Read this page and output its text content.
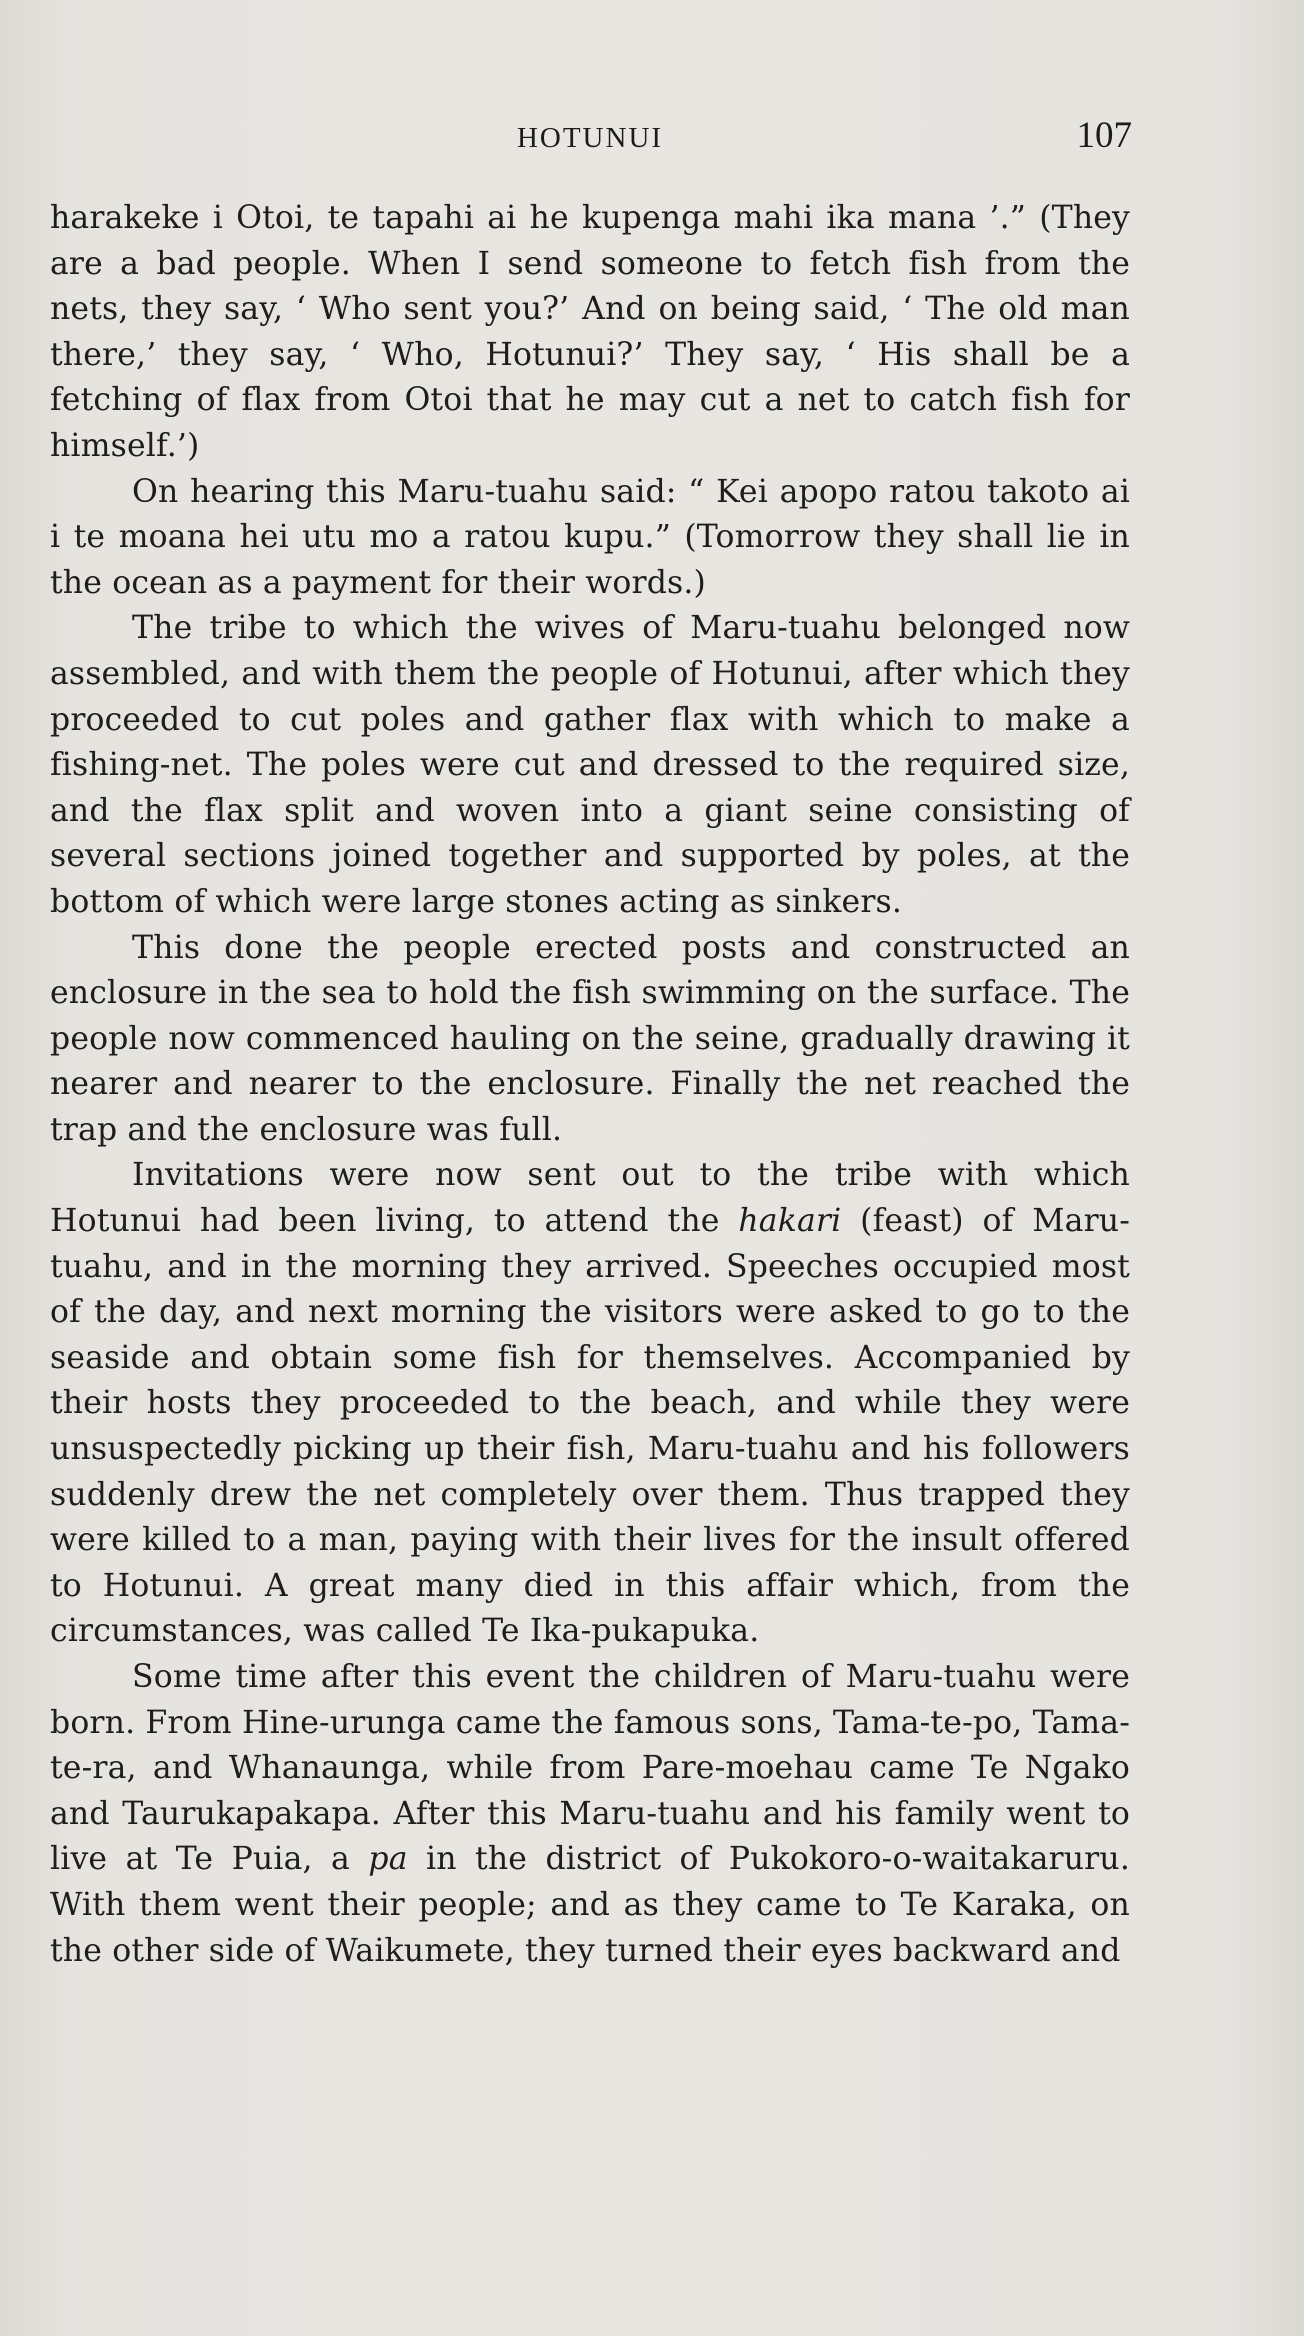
HOTUNUI	107

harakeke i Otoi, te tapahi ai he kupenga mahi ika mana ’.” (They are a bad people. When I send someone to fetch fish from the nets, they say, ‘ Who sent you?’ And on being said, ‘ The old man there,’ they say, ‘ Who, Hotunui?’ They say, ‘ His shall be a fetching of flax from Otoi that he may cut a net to catch fish for himself.’)

On hearing this Maru-tuahu said: “ Kei apopo ratou takoto ai i te moana hei utu mo a ratou kupu.” (Tomorrow they shall lie in the ocean as a payment for their words.)

The tribe to which the wives of Maru-tuahu belonged now assembled, and with them the people of Hotunui, after which they proceeded to cut poles and gather flax with which to make a fishing-net. The poles were cut and dressed to the required size, and the flax split and woven into a giant seine consisting of several sections joined together and supported by poles, at the bottom of which were large stones acting as sinkers.

This done the people erected posts and constructed an enclosure in the sea to hold the fish swimming on the surface. The people now commenced hauling on the seine, gradually drawing it nearer and nearer to the enclosure. Finally the net reached the trap and the enclosure was full.

Invitations were now sent out to the tribe with which Hotunui had been living, to attend the hakari (feast) of Maru-tuahu, and in the morning they arrived. Speeches occupied most of the day, and next morning the visitors were asked to go to the seaside and obtain some fish for themselves. Accompanied by their hosts they proceeded to the beach, and while they were unsuspectedly picking up their fish, Maru-tuahu and his followers suddenly drew the net completely over them. Thus trapped they were killed to a man, paying with their lives for the insult offered to Hotunui. A great many died in this affair which, from the circumstances, was called Te Ika-pukapuka.

Some time after this event the children of Maru-tuahu were born. From Hine-urunga came the famous sons, Tama-te-po, Tama-te-ra, and Whanaunga, while from Pare-moehau came Te Ngako and Taurukapakapa. After this Maru-tuahu and his family went to live at Te Puia, a pa in the district of Pukokoro-o-waitakaruru. With them went their people; and as they came to Te Karaka, on the other side of Waikumete, they turned their eyes backward and
